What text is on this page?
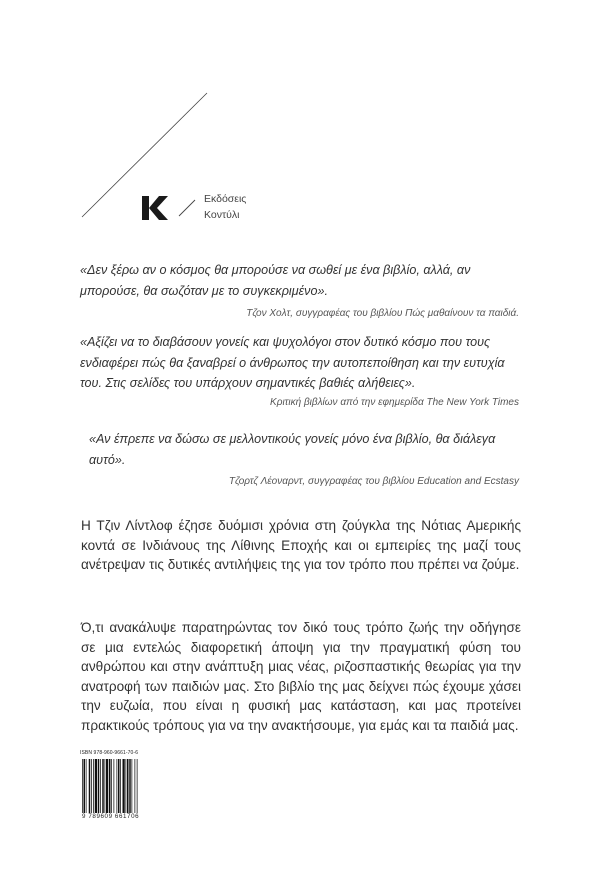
Εκδόσεις
Κοντύλι
«Δεν ξέρω αν ο κόσμος θα μπορούσε να σωθεί με ένα βιβλίο, αλλά, αν μπορούσε, θα σωζόταν με το συγκεκριμένο».
Τζον Χολτ, συγγραφέας του βιβλίου Πώς μαθαίνουν τα παιδιά.
«Αξίζει να το διαβάσουν γονείς και ψυχολόγοι στον δυτικό κόσμο που τους ενδιαφέρει πώς θα ξαναβρεί ο άνθρωπος την αυτοπεποίθηση και την ευτυχία του. Στις σελίδες του υπάρχουν σημαντικές βαθιές αλήθειες».
Κριτική βιβλίων από την εφημερίδα The New York Times
«Αν έπρεπε να δώσω σε μελλοντικούς γονείς μόνο ένα βιβλίο, θα διάλεγα αυτό».
Τζορτζ Λέοναρντ, συγγραφέας του βιβλίου Education and Ecstasy
Η Τζιν Λίντλοφ έζησε δυόμισι χρόνια στη ζούγκλα της Νότιας Αμερικής κοντά σε Ινδιάνους της Λίθινης Εποχής και οι εμπειρίες της μαζί τους ανέτρεψαν τις δυτικές αντιλήψεις της για τον τρόπο που πρέπει να ζούμε.
Ό,τι ανακάλυψε παρατηρώντας τον δικό τους τρόπο ζωής την οδήγησε σε μια εντελώς διαφορετική άποψη για την πραγματική φύση του ανθρώπου και στην ανάπτυξη μιας νέας, ριζοσπαστικής θεωρίας για την ανατροφή των παιδιών μας. Στο βιβλίο της μας δείχνει πώς έχουμε χάσει την ευζωία, που είναι η φυσική μας κατάσταση, και μας προτείνει πρακτικούς τρόπους για να την ανακτήσουμε, για εμάς και τα παιδιά μας.
ISBN 978-960-9661-70-6
9 789609 661706
